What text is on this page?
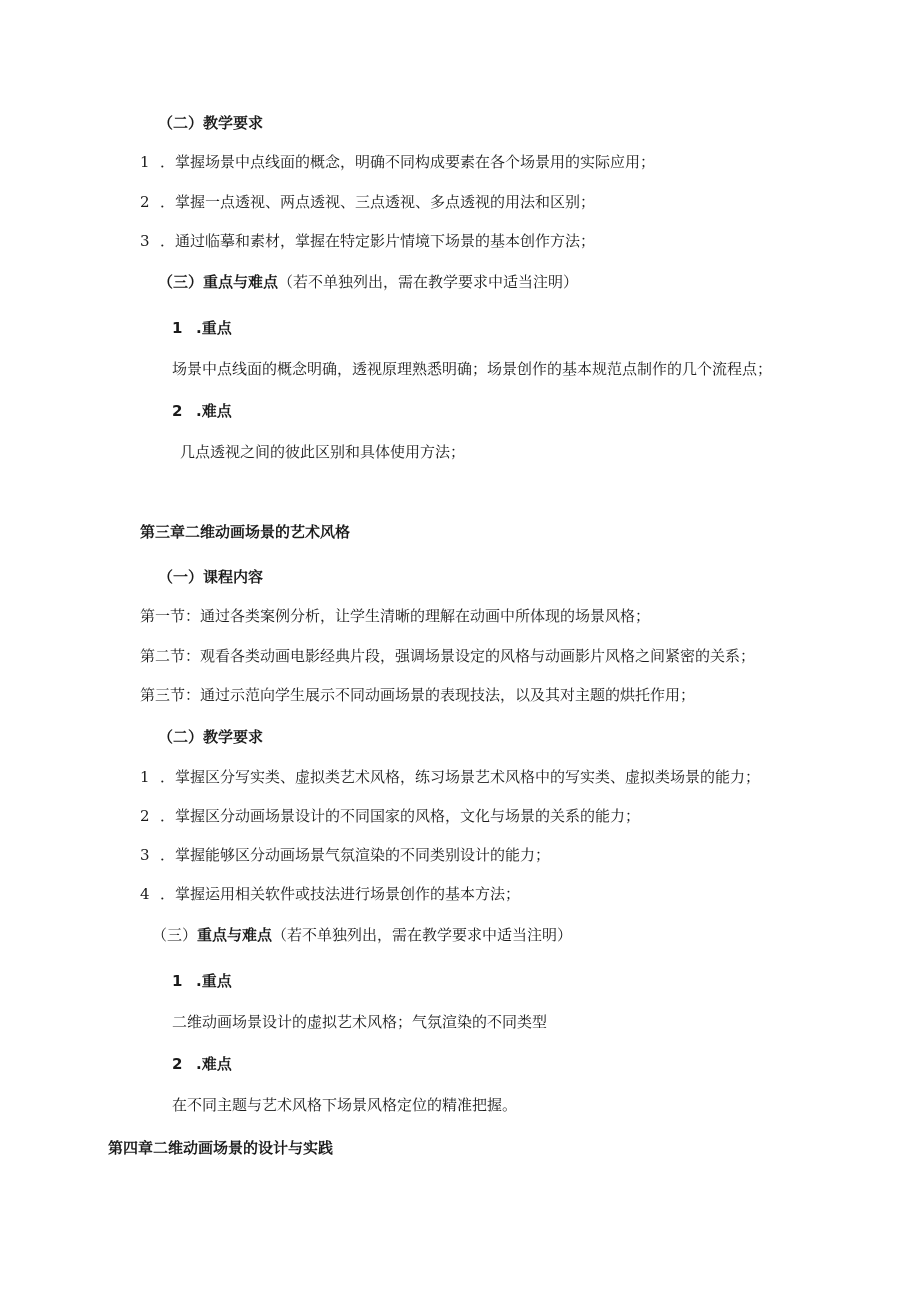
（二）教学要求
1 ．掌握场景中点线面的概念，明确不同构成要素在各个场景用的实际应用；
2 ．掌握一点透视、两点透视、三点透视、多点透视的用法和区别；
3 ．通过临摹和素材，掌握在特定影片情境下场景的基本创作方法；
（三）重点与难点（若不单独列出，需在教学要求中适当注明）
1 .重点
场景中点线面的概念明确，透视原理熟悉明确；场景创作的基本规范点制作的几个流程点；
2 .难点
几点透视之间的彼此区别和具体使用方法；
第三章二维动画场景的艺术风格
（一）课程内容
第一节：通过各类案例分析，让学生清晰的理解在动画中所体现的场景风格；
第二节：观看各类动画电影经典片段，强调场景设定的风格与动画影片风格之间紧密的关系；
第三节：通过示范向学生展示不同动画场景的表现技法，以及其对主题的烘托作用；
（二）教学要求
1 ．掌握区分写实类、虚拟类艺术风格，练习场景艺术风格中的写实类、虚拟类场景的能力；
2 ．掌握区分动画场景设计的不同国家的风格，文化与场景的关系的能力；
3 ．掌握能够区分动画场景气氛渲染的不同类别设计的能力；
4 ．掌握运用相关软件或技法进行场景创作的基本方法；
（三）重点与难点（若不单独列出，需在教学要求中适当注明）
1 .重点
二维动画场景设计的虚拟艺术风格；气氛渲染的不同类型
2 .难点
在不同主题与艺术风格下场景风格定位的精准把握。
第四章二维动画场景的设计与实践
